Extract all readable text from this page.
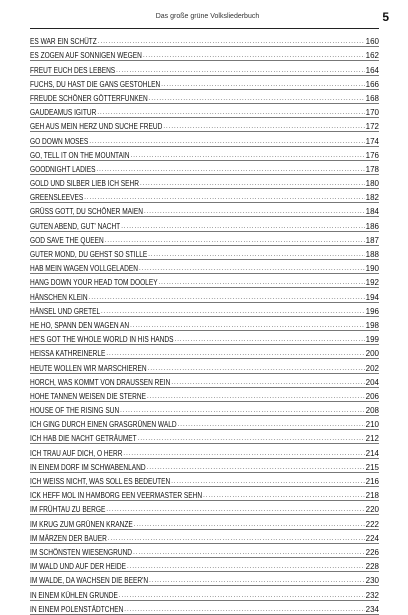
Das große grüne Volksliederbuch	5
ES WAR EIN SCHÜTZ .....	160
ES ZOGEN AUF SONNIGEN WEGEN .....	162
FREUT EUCH DES LEBENS .....	164
FUCHS, DU HAST DIE GANS GESTOHLEN .....	166
FREUDE SCHÖNER GÖTTERFUNKEN .....	168
GAUDEAMUS IGITUR .....	170
GEH AUS MEIN HERZ UND SUCHE FREUD .....	172
GO DOWN MOSES .....	174
GO, TELL IT ON THE MOUNTAIN .....	176
GOODNIGHT LADIES .....	178
GOLD UND SILBER LIEB ICH SEHR .....	180
GREENSLEEVES .....	182
GRÜSS GOTT, DU SCHÖNER MAIEN .....	184
GUTEN ABEND, GUT' NACHT .....	186
GOD SAVE THE QUEEN .....	187
GUTER MOND, DU GEHST SO STILLE .....	188
HAB MEIN WAGEN VOLLGELADEN .....	190
HANG DOWN YOUR HEAD TOM DOOLEY .....	192
HÄNSCHEN KLEIN .....	194
HÄNSEL UND GRETEL .....	196
HE HO, SPANN DEN WAGEN AN .....	198
HE'S GOT THE WHOLE WORLD IN HIS HANDS .....	199
HEISSA KATHREINERLE .....	200
HEUTE WOLLEN WIR MARSCHIEREN .....	202
HORCH, WAS KOMMT VON DRAUSSEN REIN .....	204
HOHE TANNEN WEISEN DIE STERNE .....	206
HOUSE OF THE RISING SUN .....	208
ICH GING DURCH EINEN GRASGRÜNEN WALD .....	210
ICH HAB DIE NACHT GETRÄUMET .....	212
ICH TRAU AUF DICH, O HERR .....	214
IN EINEM DORF IM SCHWABENLAND .....	215
ICH WEISS NICHT, WAS SOLL ES BEDEUTEN .....	216
ICK HEFF MOL IN HAMBORG EEN VEERMASTER SEHN .....	218
IM FRÜHTAU ZU BERGE .....	220
IM KRUG ZUM GRÜNEN KRANZE .....	222
IM MÄRZEN DER BAUER .....	224
IM SCHÖNSTEN WIESENGRUND .....	226
IM WALD UND AUF DER HEIDE .....	228
IM WALDE, DA WACHSEN DIE BEER'N .....	230
IN EINEM KÜHLEN GRUNDE .....	232
IN EINEM POLENSTÄDTCHEN .....	234
